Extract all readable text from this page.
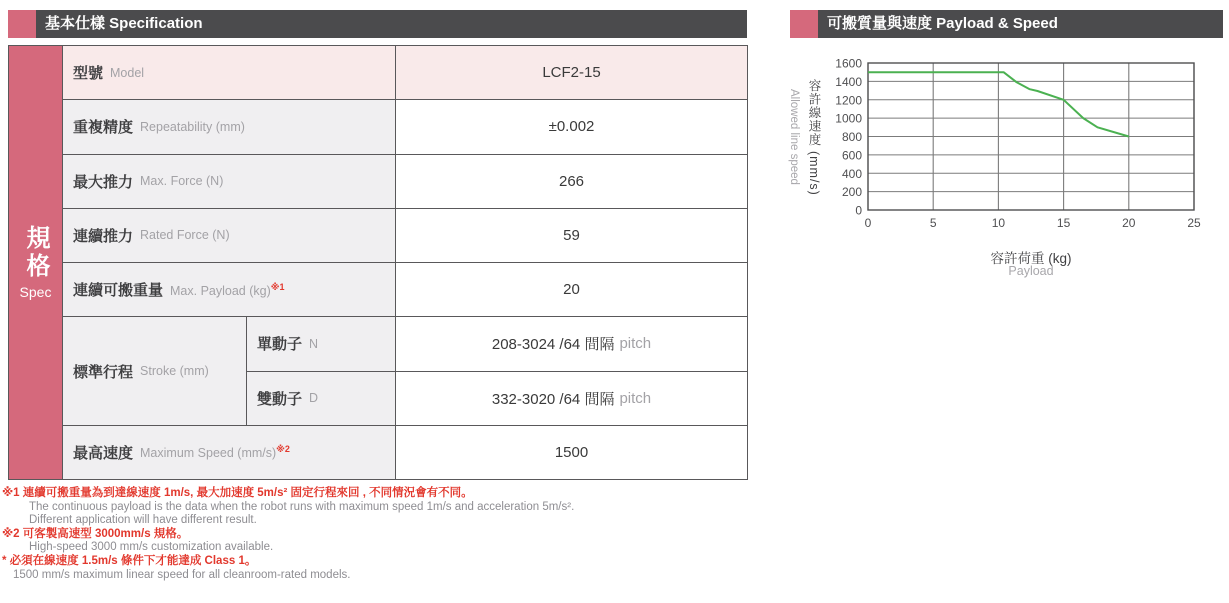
基本仕樣 Specification	可搬質量與速度 Payload & Speed
規格
Spec
型號 Model	LCF2-15
重複精度 Repeatability (mm)	±0.002
最大推力 Max. Force (N)	266
連續推力 Rated Force (N)	59
連續可搬重量 Max. Payload (kg)$^{※1}$	20
標準行程 Stroke (mm)
單動子 N	208-3024 /64 間隔 pitch
雙動子 D	332-3020 /64 間隔 pitch
最高速度 Maximum Speed $(mm/s)^{※2}$	1500
※1 連續可搬重量為到達線速度 1m/s, 最大加速度 5m/s² 固定行程來回 , 不同情況會有不同。
The continuous payload is the data when the robot runs with maximum speed 1m/s and acceleration 5m/s².
Different application will have different result.
※2 可客製高速型 3000mm/s 規格。
High-speed 3000 mm/s customization available.
* 必須在線速度 1.5m/s 條件下才能達成 Class 1。
1500 mm/s maximum linear speed for all cleanroom-rated models.
Allowed line speed 容許線速度 (mm/s)
0
200
400
600
800
1000
1200
1400
1600
0	5	10	15	20	25
容許荷重 (kg)
Payload
